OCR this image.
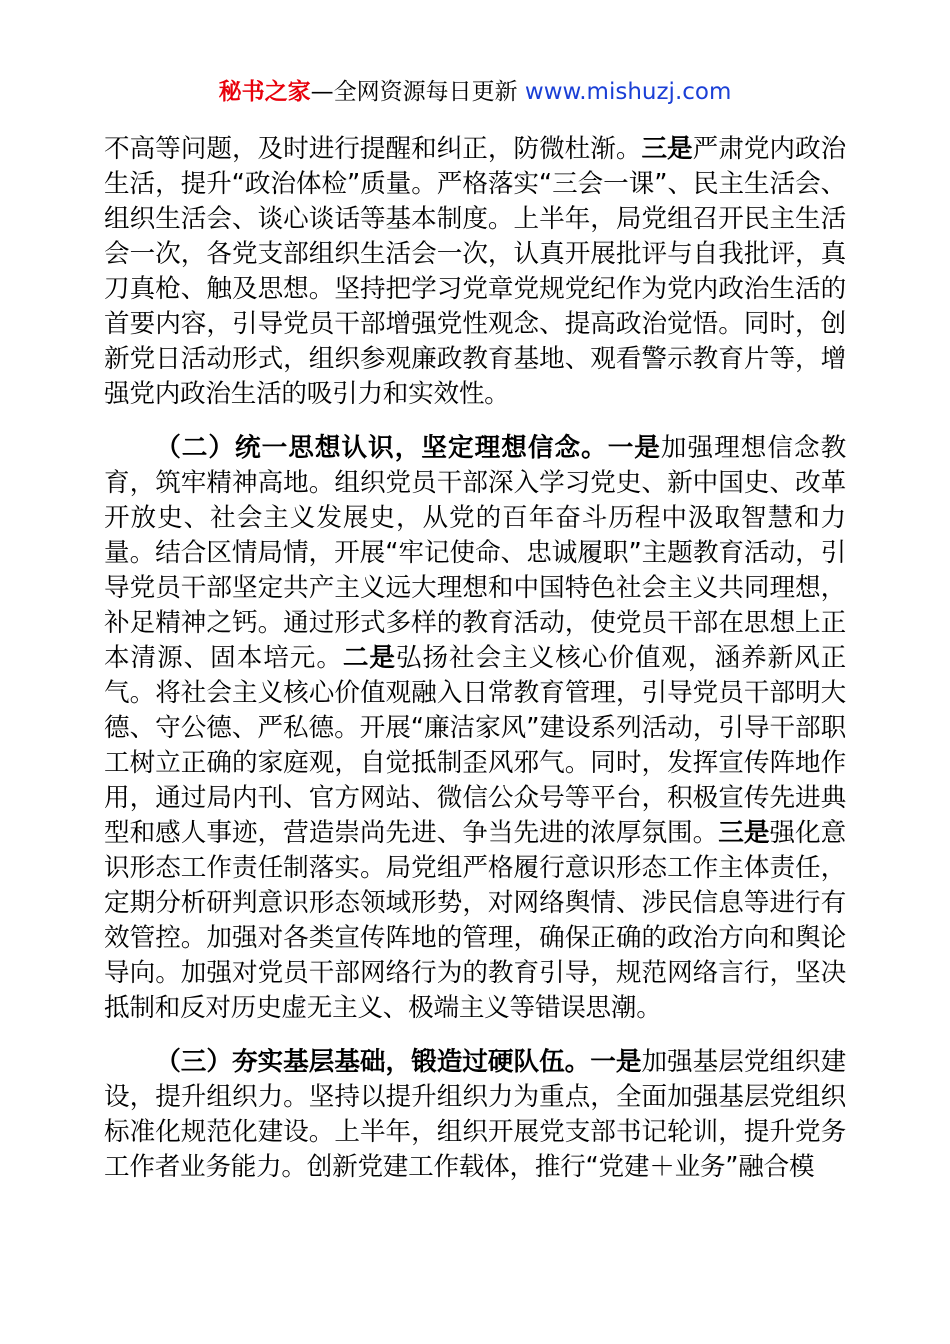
秘书之家—全网资源每日更新 www.mishuzj.com

不高等问题，及时进行提醒和纠正，防微杜渐。三是严肃党内政治生活，提升“政治体检”质量。严格落实“三会一课”、民主生活会、组织生活会、谈心谈话等基本制度。上半年，局党组召开民主生活会一次，各党支部组织生活会一次，认真开展批评与自我批评，真刀真枪、触及思想。坚持把学习党章党规党纪作为党内政治生活的首要内容，引导党员干部增强党性观念、提高政治觉悟。同时，创新党日活动形式，组织参观廉政教育基地、观看警示教育片等，增强党内政治生活的吸引力和实效性。

（二）统一思想认识，坚定理想信念。一是加强理想信念教育，筑牢精神高地。组织党员干部深入学习党史、新中国史、改革开放史、社会主义发展史，从党的百年奋斗历程中汲取智慧和力量。结合区情局情，开展“牢记使命、忠诚履职”主题教育活动，引导党员干部坚定共产主义远大理想和中国特色社会主义共同理想，补足精神之钙。通过形式多样的教育活动，使党员干部在思想上正本清源、固本培元。二是弘扬社会主义核心价值观，涵养新风正气。将社会主义核心价值观融入日常教育管理，引导党员干部明大德、守公德、严私德。开展“廉洁家风”建设系列活动，引导干部职工树立正确的家庭观，自觉抵制歪风邪气。同时，发挥宣传阵地作用，通过局内刊、官方网站、微信公众号等平台，积极宣传先进典型和感人事迹，营造崇尚先进、争当先进的浓厚氛围。三是强化意识形态工作责任制落实。局党组严格履行意识形态工作主体责任，定期分析研判意识形态领域形势，对网络舆情、涉民信息等进行有效管控。加强对各类宣传阵地的管理，确保正确的政治方向和舆论导向。加强对党员干部网络行为的教育引导，规范网络言行，坚决抵制和反对历史虚无主义、极端主义等错误思潮。

（三）夯实基层基础，锻造过硬队伍。一是加强基层党组织建设，提升组织力。坚持以提升组织力为重点，全面加强基层党组织标准化规范化建设。上半年，组织开展党支部书记轮训，提升党务工作者业务能力。创新党建工作载体，推行“党建＋业务”融合模
